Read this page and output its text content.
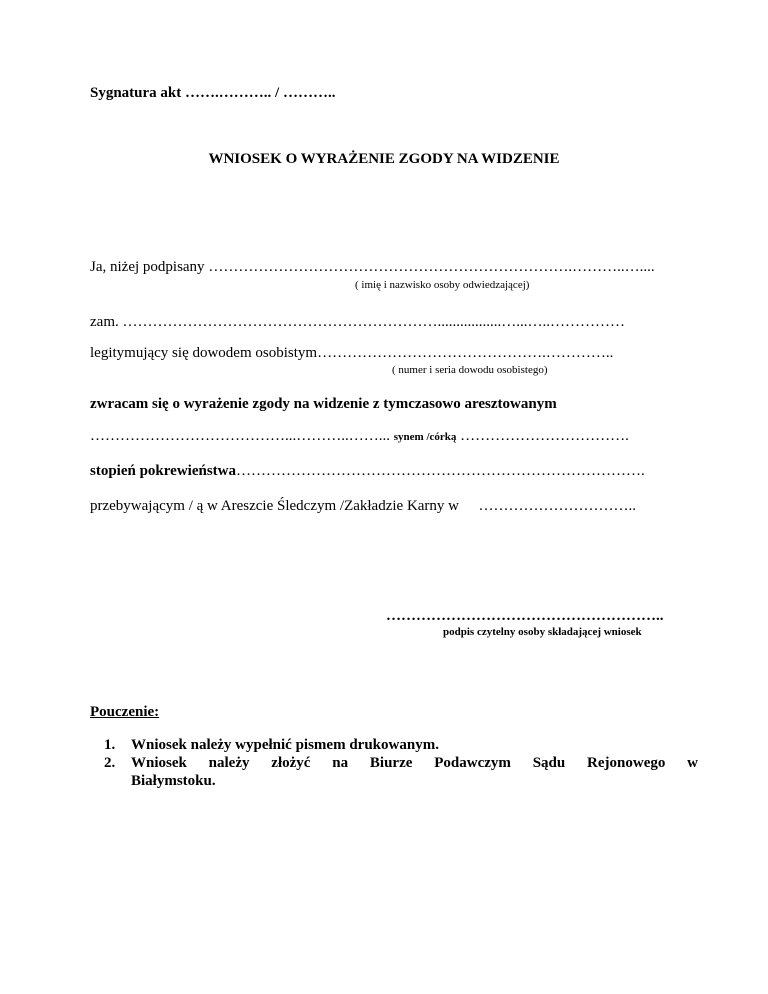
Sygnatura akt …….……….. / ………..
WNIOSEK O WYRAŻENIE ZGODY NA WIDZENIE
Ja, niżej podpisany ……………………………………………………………….………..…....
( imię i nazwisko osoby odwiedzającej)
zam. ……………………………………………………….................…...…..……………
legitymujący się dowodem osobistym……………………………………….…………..
( numer i seria dowodu osobistego)
zwracam się o wyrażenie zgody na widzenie z tymczasowo aresztowanym
…………………………………...………..……... synem /córką …………………………….
stopień pokrewieństwa……………………………………………………………………….
przebywającym / ą w Areszcie Śledczym /Zakładzie Karny w …………………………..
………………………………………………..
podpis czytelny osoby składającej wniosek
Pouczenie:
1. Wniosek należy wypełnić pismem drukowanym.
2. Wniosek należy złożyć na Biurze Podawczym Sądu Rejonowego w
Białymstoku.
